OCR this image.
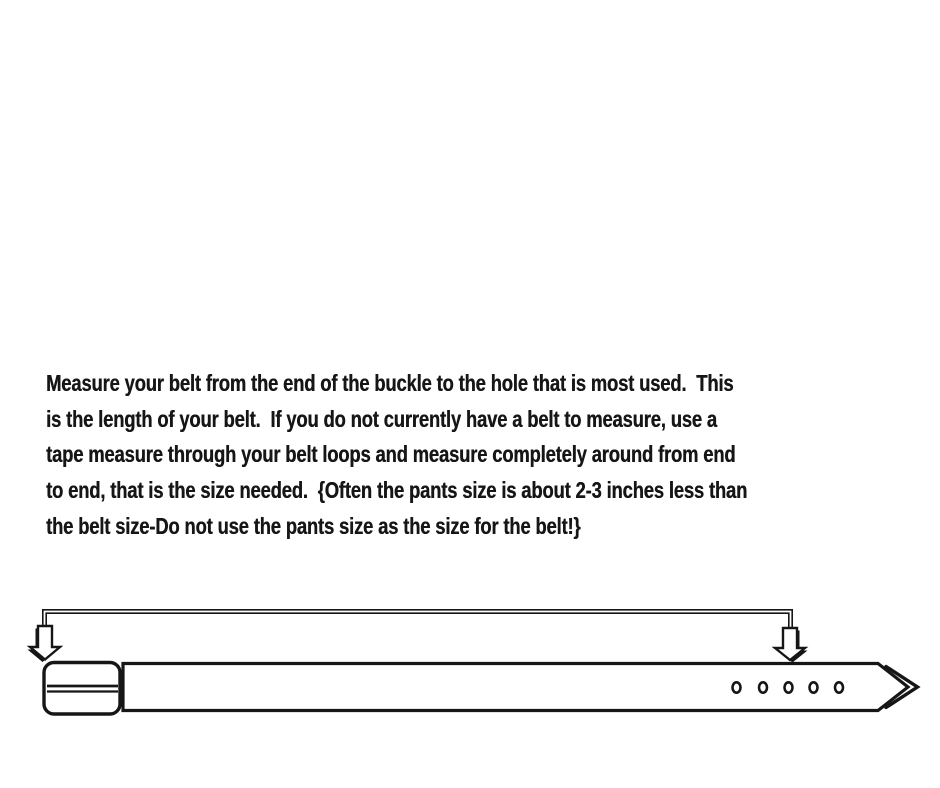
Measure your belt from the end of the buckle to the hole that is most used.  This
is the length of your belt.  If you do not currently have a belt to measure, use a
tape measure through your belt loops and measure completely around from end
to end, that is the size needed.  {Often the pants size is about 2-3 inches less than
the belt size-Do not use the pants size as the size for the belt!}
